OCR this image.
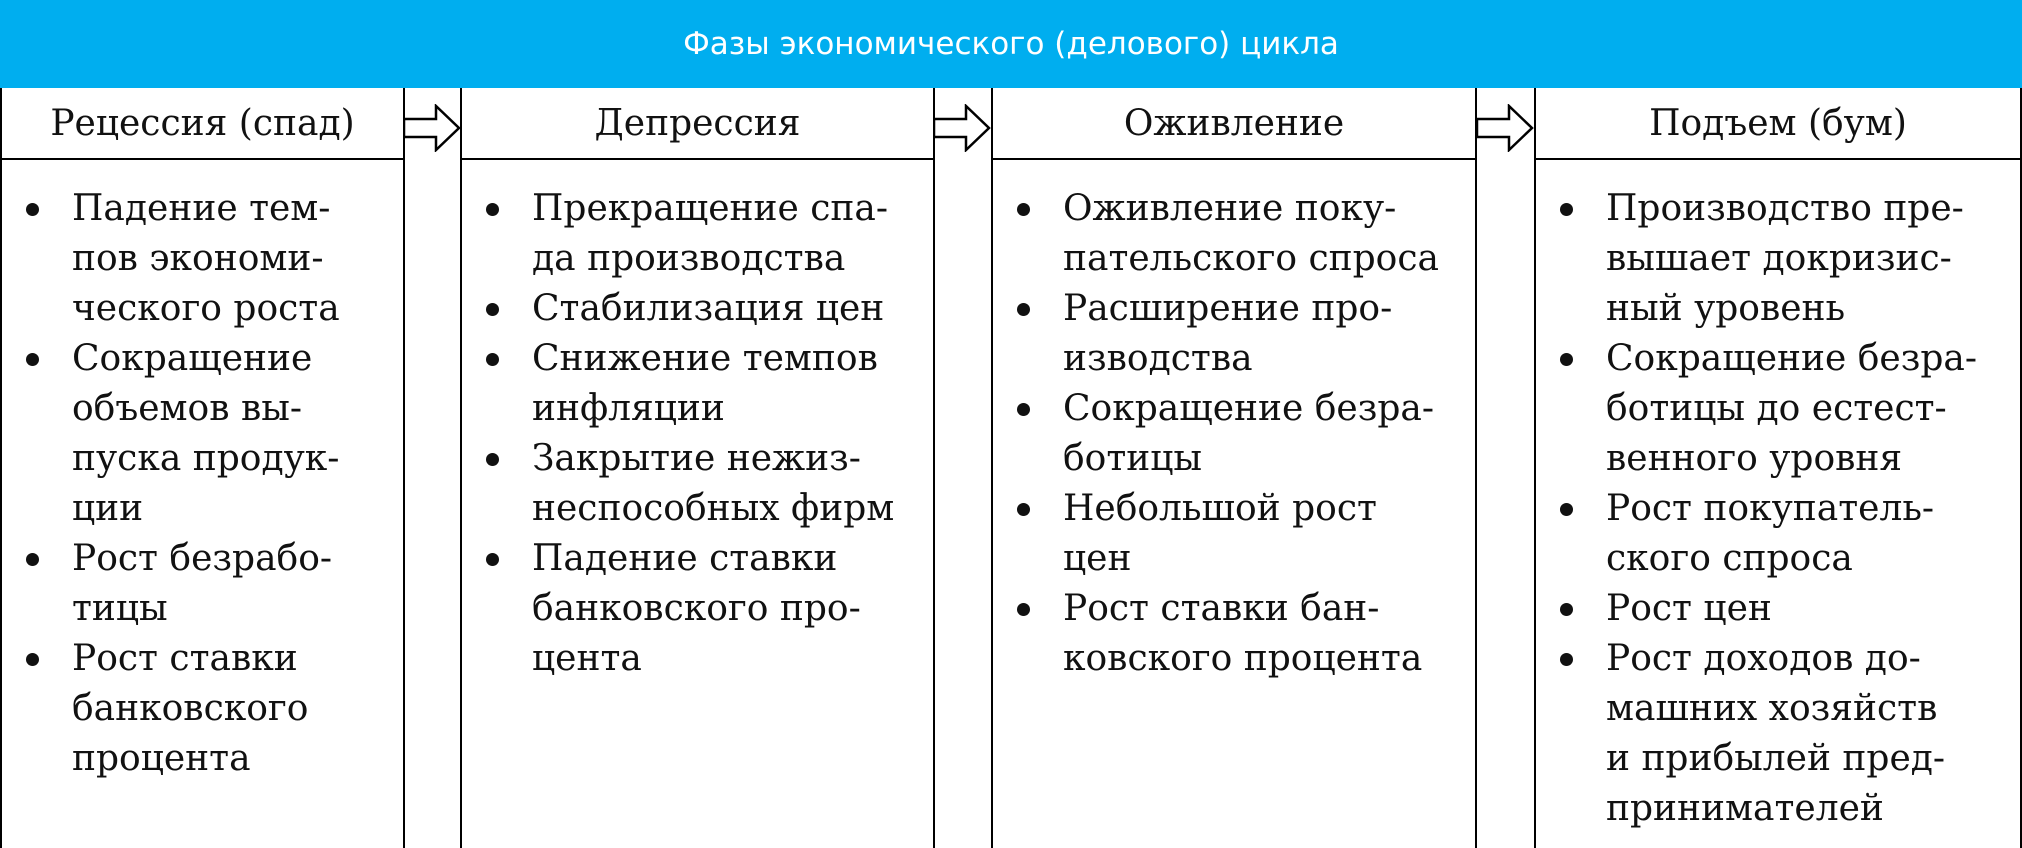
Фазы экономического (делового) цикла
Рецессия (спад)
Падение тем-
пов экономи-
ческого роста
Сокращение
объемов вы-
пуска продук-
ции
Рост безрабо-
тицы
Рост ставки
банковского
процента
Депрессия
Прекращение спа-
да производства
Стабилизация цен
Снижение темпов
инфляции
Закрытие нежиз-
неспособных фирм
Падение ставки
банковского про-
цента
Оживление
Оживление поку-
пательского спроса
Расширение про-
изводства
Сокращение безра-
ботицы
Небольшой рост
цен
Рост ставки бан-
ковского процента
Подъем (бум)
Производство пре-
вышает докризис-
ный уровень
Сокращение безра-
ботицы до естест-
венного уровня
Рост покупатель-
ского спроса
Рост цен
Рост доходов до-
машних хозяйств
и прибылей пред-
принимателей
